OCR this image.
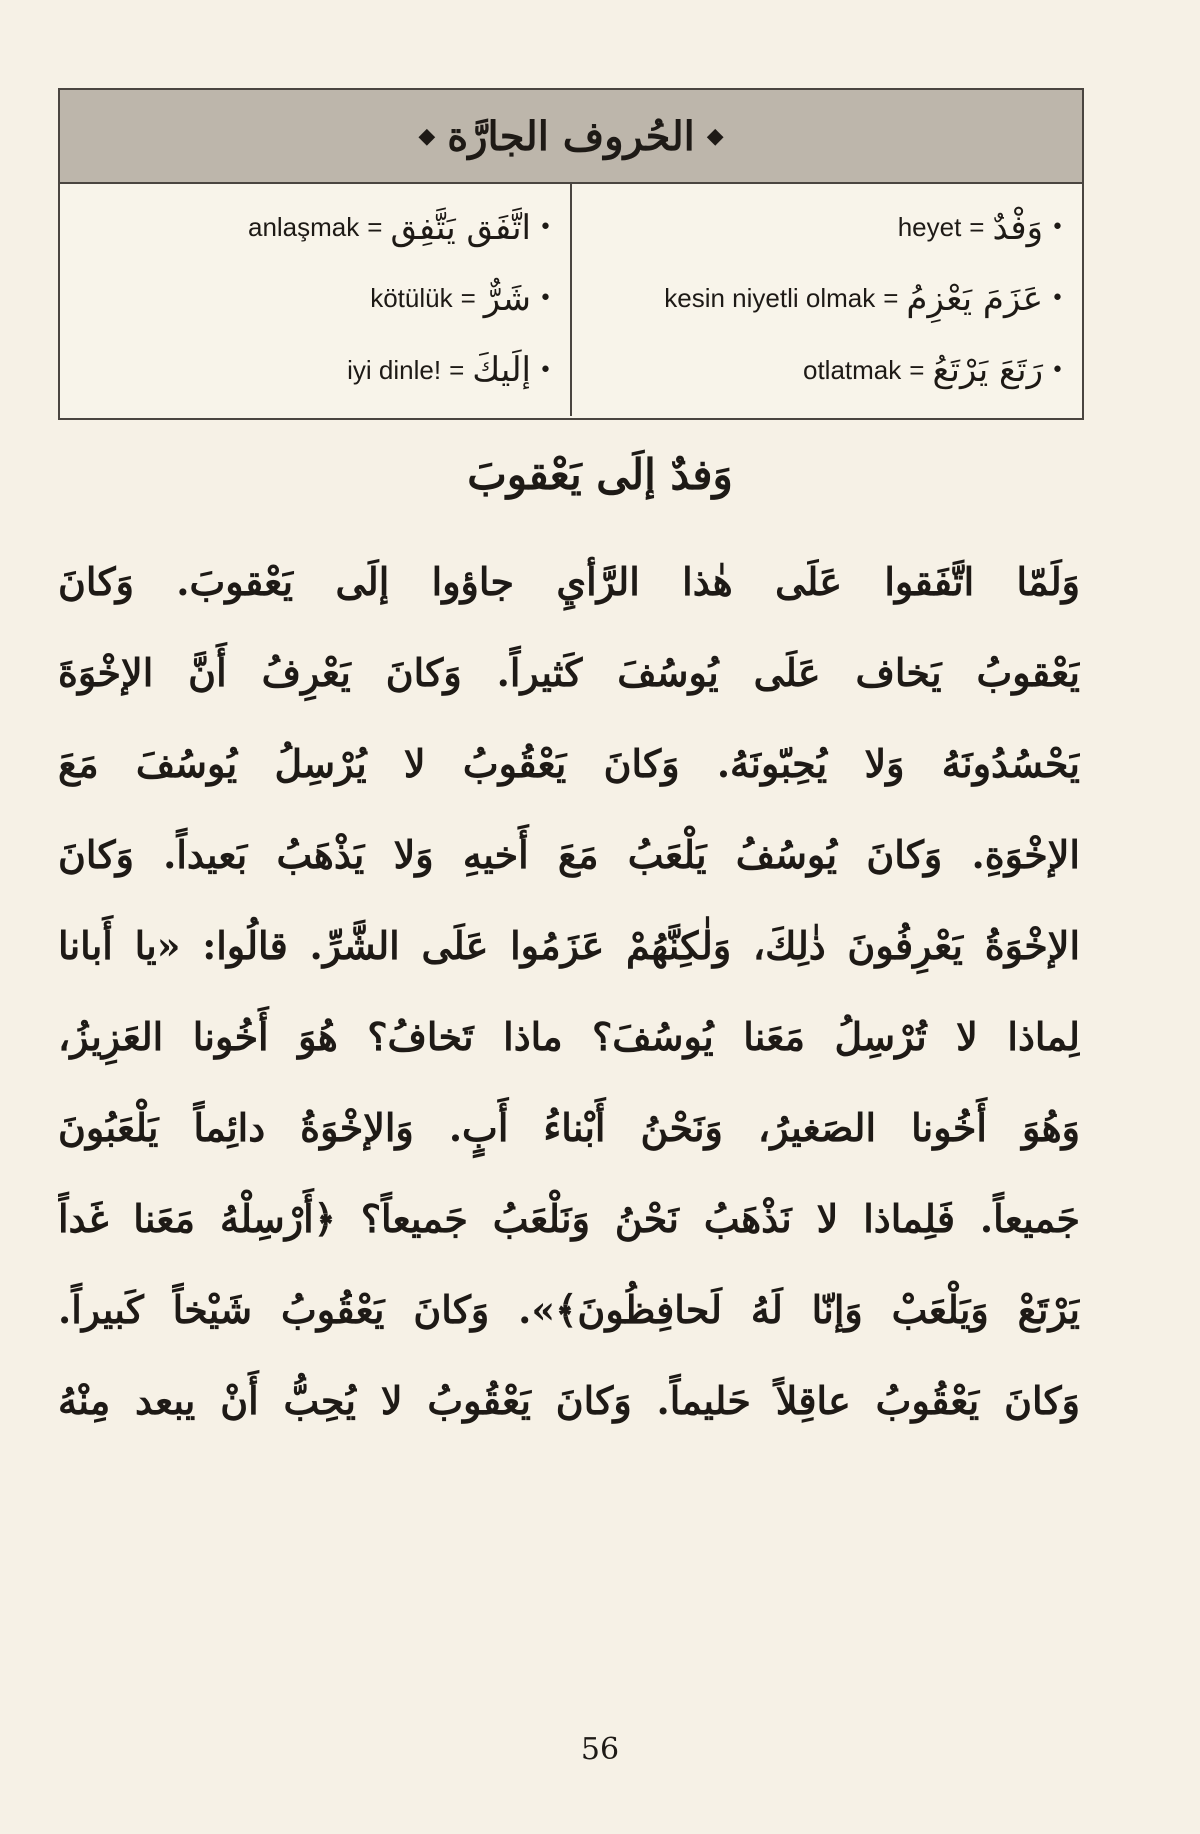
◆
الحُروف الجارَّة
◆
anlaşmak = اتَّفَق يَتَّفِق •
kötülük = شَرٌّ •
iyi dinle! = إلَيكَ •
heyet = وَفْدٌ •
kesin niyetli olmak = عَزَمَ يَعْزِمُ •
otlatmak = رَتَعَ يَرْتَعُ •
وَفدٌ إلَى يَعْقوبَ
وَلَمّا اتَّفَقوا عَلَى هٰذا الرَّأيِ جاؤوا إلَى يَعْقوبَ. وَكانَ
يَعْقوبُ يَخاف عَلَى يُوسُفَ كَثيراً. وَكانَ يَعْرِفُ أَنَّ الإخْوَةَ
يَحْسُدُونَهُ وَلا يُحِبّونَهُ. وَكانَ يَعْقُوبُ لا يُرْسِلُ يُوسُفَ مَعَ
الإخْوَةِ. وَكانَ يُوسُفُ يَلْعَبُ مَعَ أَخيهِ وَلا يَذْهَبُ بَعيداً. وَكانَ
الإخْوَةُ يَعْرِفُونَ ذٰلِكَ، وَلٰكِنَّهُمْ عَزَمُوا عَلَى الشَّرِّ. قالُوا: «يا أَبانا
لِماذا لا تُرْسِلُ مَعَنا يُوسُفَ؟ ماذا تَخافُ؟ هُوَ أَخُونا العَزِيزُ،
وَهُوَ أَخُونا الصَغيرُ، وَنَحْنُ أَبْناءُ أَبٍ. وَالإخْوَةُ دائِماً يَلْعَبُونَ
جَميعاً. فَلِماذا لا نَذْهَبُ نَحْنُ وَنَلْعَبُ جَميعاً؟ ﴿أَرْسِلْهُ مَعَنا غَداً
يَرْتَعْ وَيَلْعَبْ وَإنّا لَهُ لَحافِظُونَ﴾». وَكانَ يَعْقُوبُ شَيْخاً كَبيراً.
وَكانَ يَعْقُوبُ عاقِلاً حَليماً. وَكانَ يَعْقُوبُ لا يُحِبُّ أَنْ يبعد مِنْهُ
56
